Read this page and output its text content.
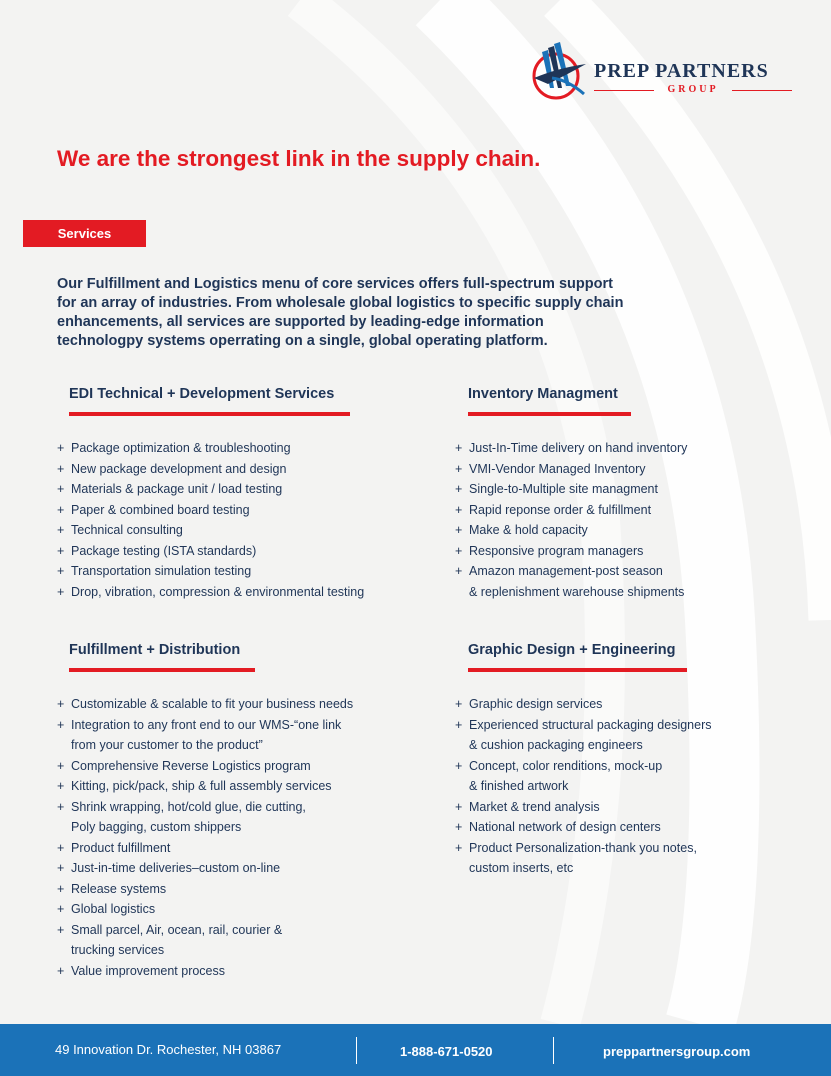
PREP PARTNERS
GROUP
We are the strongest link in the supply chain.
Services
Our Fulfillment and Logistics menu of core services offers full-spectrum support
for an array of industries. From wholesale global logistics to specific supply chain
enhancements, all services are supported by leading-edge information
technologpy systems operrating on a single, global operating platform.
EDI Technical + Development Services
+ Package optimization & troubleshooting
+ New package development and design
+ Materials & package unit / load testing
+ Paper & combined board testing
+ Technical consulting
+ Package testing (ISTA standards)
+ Transportation simulation testing
+ Drop, vibration, compression & environmental testing
Inventory Managment
+ Just-In-Time delivery on hand inventory
+ VMI-Vendor Managed Inventory
+ Single-to-Multiple site managment
+ Rapid reponse order & fulfillment
+ Make & hold capacity
+ Responsive program managers
+ Amazon management-post season
& replenishment warehouse shipments
Fulfillment + Distribution
+ Customizable & scalable to fit your business needs
+ Integration to any front end to our WMS-“one link
from your customer to the product”
+ Comprehensive Reverse Logistics program
+ Kitting, pick/pack, ship & full assembly services
+ Shrink wrapping, hot/cold glue, die cutting,
Poly bagging, custom shippers
+ Product fulfillment
+ Just-in-time deliveries–custom on-line
+ Release systems
+ Global logistics
+ Small parcel, Air, ocean, rail, courier &
trucking services
+ Value improvement process
Graphic Design + Engineering
+ Graphic design services
+ Experienced structural packaging designers
& cushion packaging engineers
+ Concept, color renditions, mock-up
& finished artwork
+ Market & trend analysis
+ National network of design centers
+ Product Personalization-thank you notes,
custom inserts, etc
49 Innovation Dr. Rochester, NH 03867	1-888-671-0520	preppartnersgroup.com
